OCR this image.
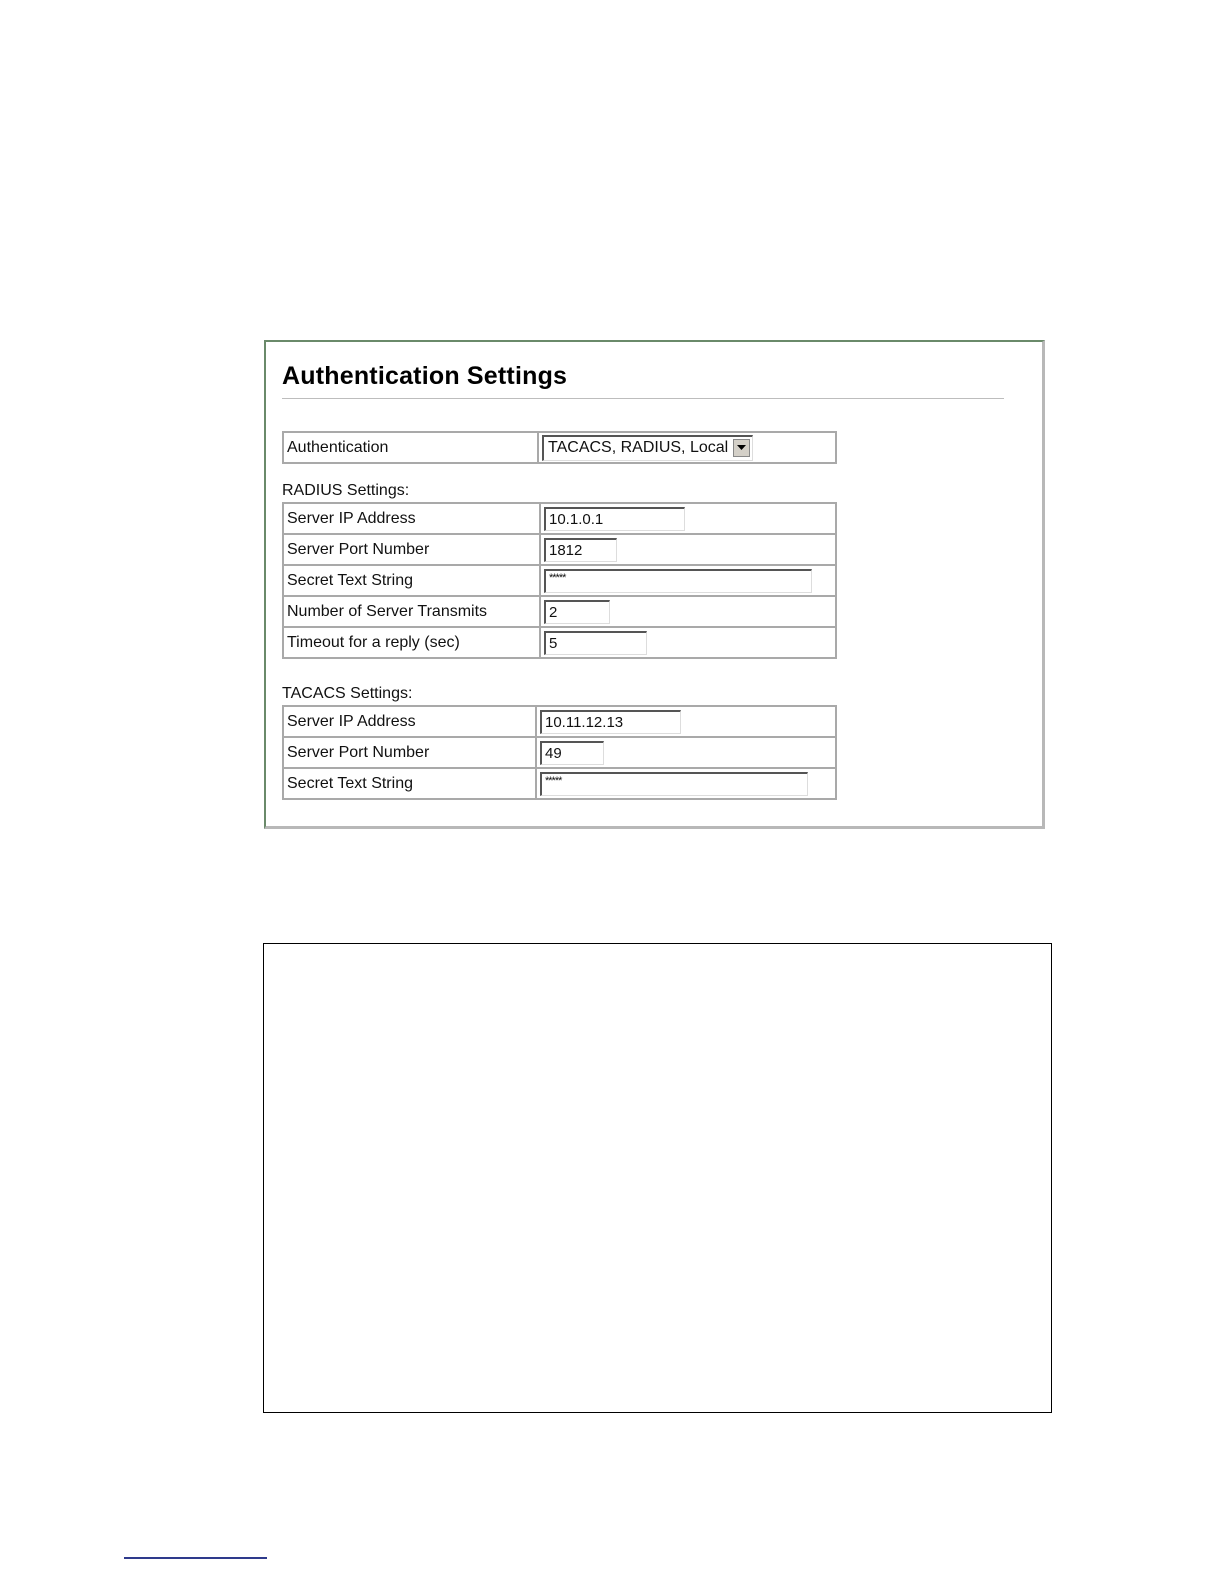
Authentication Settings
Authentication	TACACS, RADIUS, Local
RADIUS Settings:
Server IP Address	10.1.0.1
Server Port Number	1812
Secret Text String	*****
Number of Server Transmits	2
Timeout for a reply (sec)	5
TACACS Settings:
Server IP Address	10.11.12.13
Server Port Number	49
Secret Text String	*****
